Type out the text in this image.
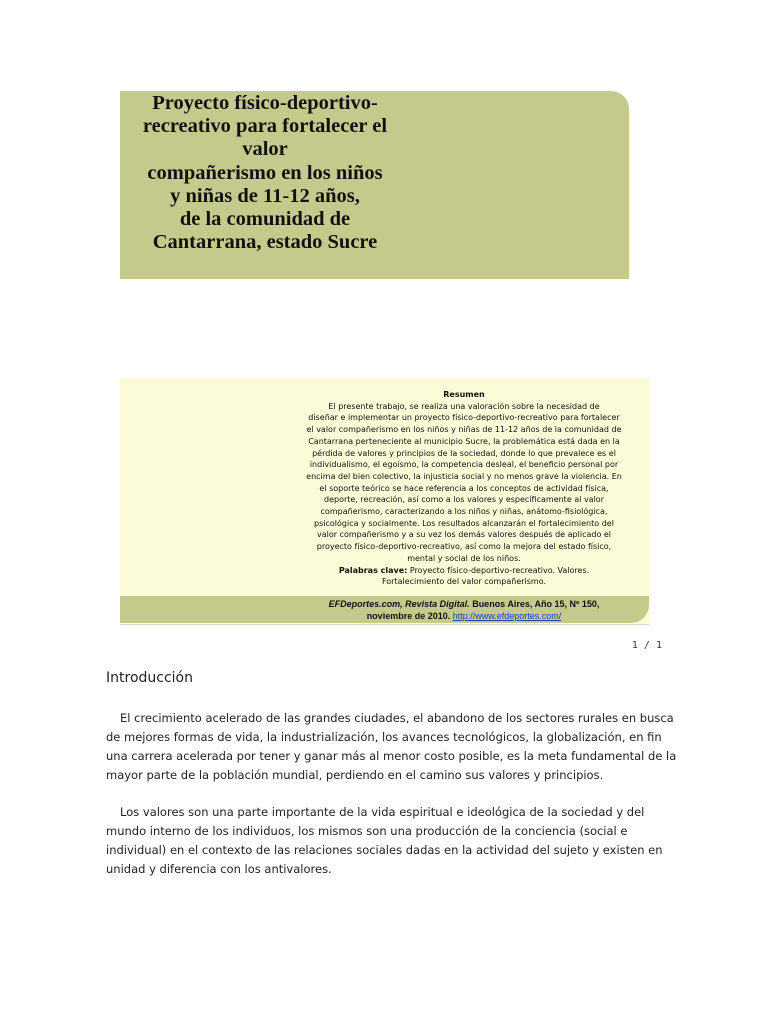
Proyecto físico-deportivo-
recreativo para fortalecer el
valor
compañerismo en los niños
y niñas de 11-12 años,
de la comunidad de
Cantarrana, estado Sucre
Resumen
El presente trabajo, se realiza una valoración sobre la necesidad de
diseñar e implementar un proyecto físico-deportivo-recreativo para fortalecer
el valor compañerismo en los niños y niñas de 11-12 años de la comunidad de
Cantarrana perteneciente al municipio Sucre, la problemática está dada en la
pérdida de valores y principios de la sociedad, donde lo que prevalece es el
individualismo, el egoísmo, la competencia desleal, el beneficio personal por
encima del bien colectivo, la injusticia social y no menos grave la violencia. En
el soporte teórico se hace referencia a los conceptos de actividad física,
deporte, recreación, así como a los valores y específicamente al valor
compañerismo, caracterizando a los niños y niñas, anátomo-fisiológica,
psicológica y socialmente. Los resultados alcanzarán el fortalecimiento del
valor compañerismo y a su vez los demás valores después de aplicado el
proyecto físico-deportivo-recreativo, así como la mejora del estado físico,
mental y social de los niños.
Palabras clave: Proyecto físico-deportivo-recreativo. Valores.
Fortalecimiento del valor compañerismo.
EFDeportes.com, Revista Digital. Buenos Aires, Año 15, Nº 150,
noviembre de 2010. http://www.efdeportes.com/
1 / 1
Introducción
El crecimiento acelerado de las grandes ciudades, el abandono de los sectores rurales en busca
de mejores formas de vida, la industrialización, los avances tecnológicos, la globalización, en fin
una carrera acelerada por tener y ganar más al menor costo posible, es la meta fundamental de la
mayor parte de la población mundial, perdiendo en el camino sus valores y principios.
Los valores son una parte importante de la vida espiritual e ideológica de la sociedad y del
mundo interno de los individuos, los mismos son una producción de la conciencia (social e
individual) en el contexto de las relaciones sociales dadas en la actividad del sujeto y existen en
unidad y diferencia con los antivalores.
